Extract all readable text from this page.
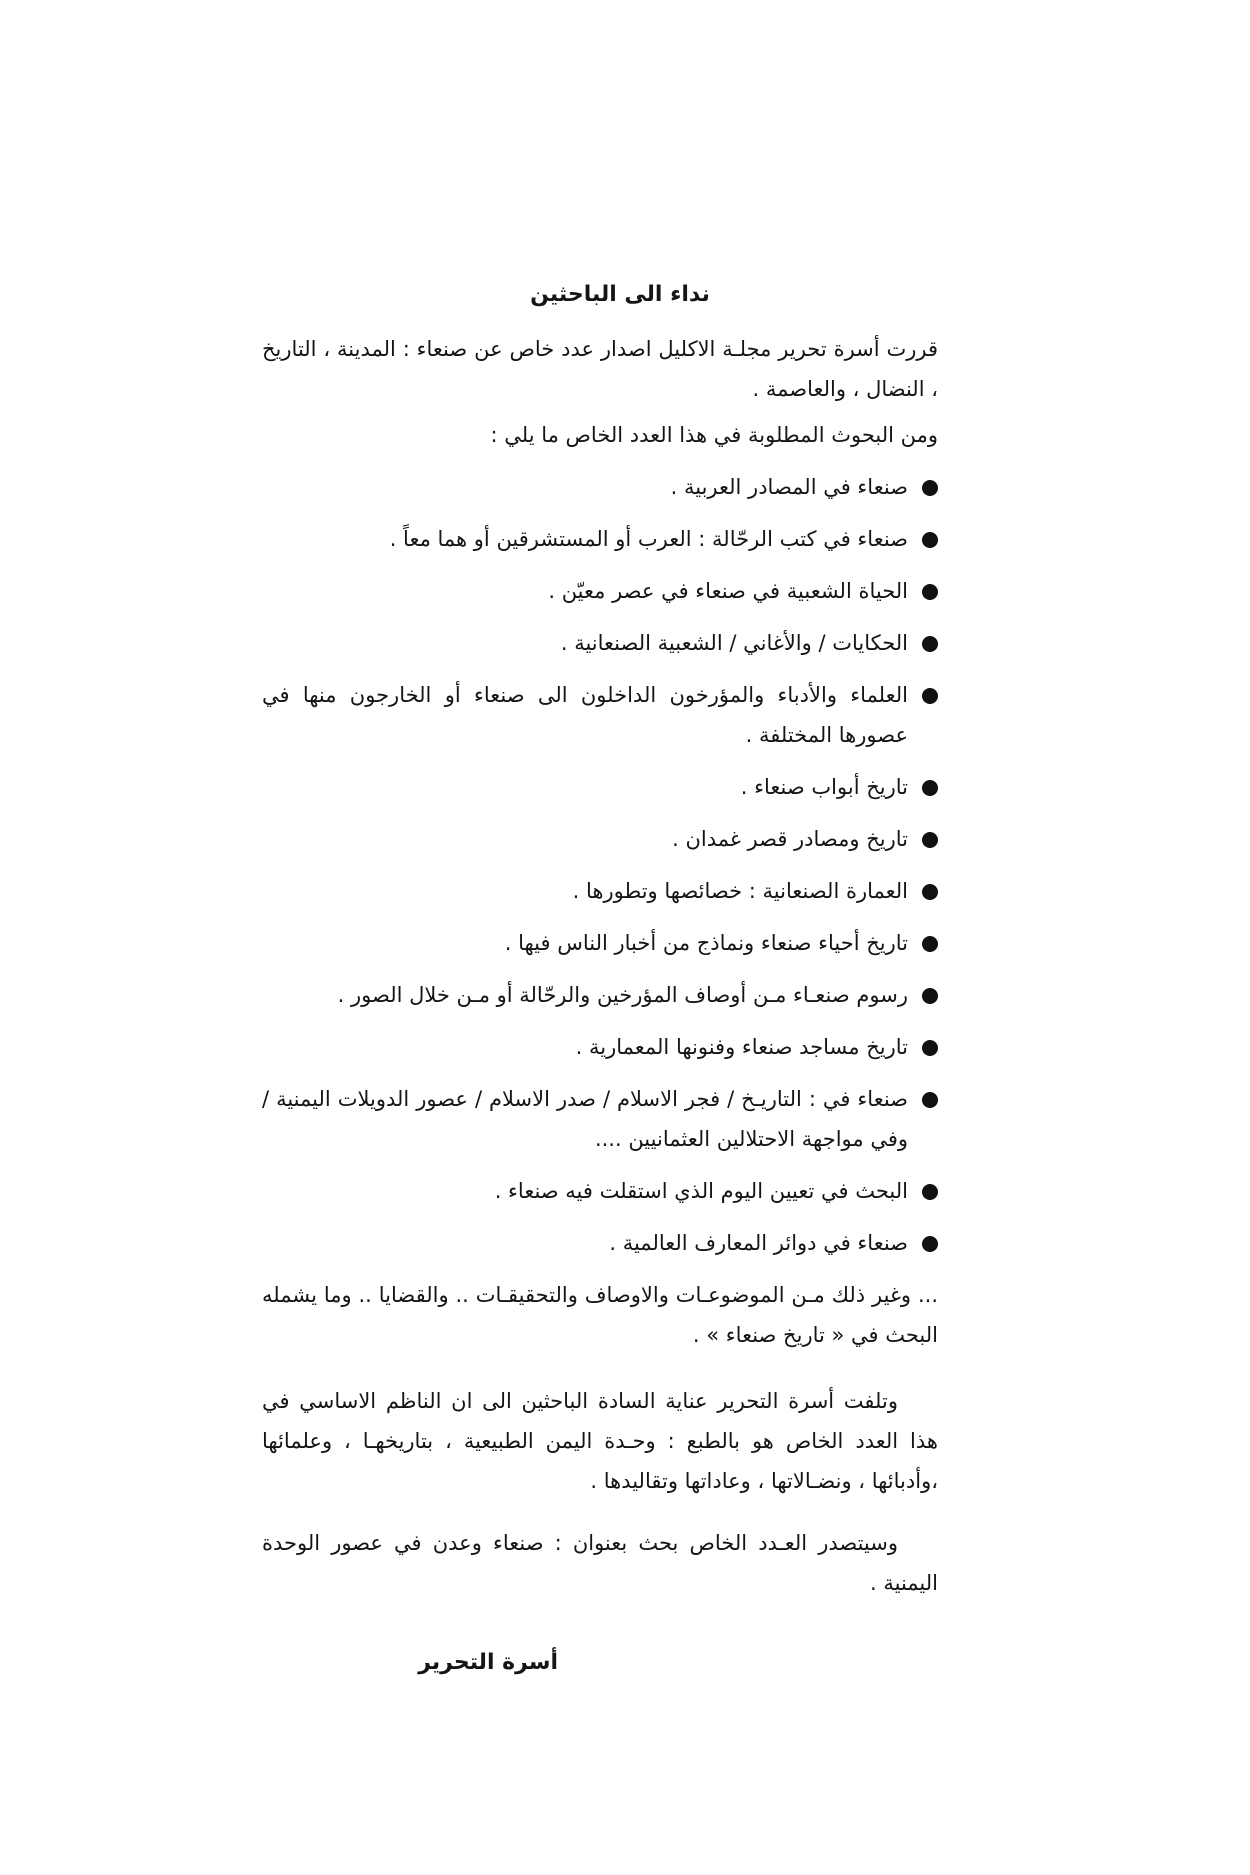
نداء الى الباحثين

قررت أسرة تحرير مجلـة الاكليل اصدار عدد خاص عن صنعاء : المدينة ، التاريخ ، النضال ، والعاصمة .

ومن البحوث المطلوبة في هذا العدد الخاص ما يلي :

صنعاء في المصادر العربية .
صنعاء في كتب الرحّالة : العرب أو المستشرقين أو هما معاً .
الحياة الشعبية في صنعاء في عصر معيّن .
الحكايات / والأغاني / الشعبية الصنعانية .
العلماء والأدباء والمؤرخون الداخلون الى صنعاء أو الخارجون منها في عصورها المختلفة .
تاريخ أبواب صنعاء .
تاريخ ومصادر قصر غمدان .
العمارة الصنعانية : خصائصها وتطورها .
تاريخ أحياء صنعاء ونماذج من أخبار الناس فيها .
رسوم صنعـاء مـن أوصاف المؤرخين والرحّالة أو مـن خلال الصور .
تاريخ مساجد صنعاء وفنونها المعمارية .
صنعاء في : التاريـخ / فجر الاسلام / صدر الاسلام / عصور الدويلات اليمنية / وفي مواجهة الاحتلالين العثمانيين ....
البحث في تعيين اليوم الذي استقلت فيه صنعاء .
صنعاء في دوائر المعارف العالمية .

... وغير ذلك مـن الموضوعـات والاوصاف والتحقيقـات .. والقضايا .. وما يشمله البحث في « تاريخ صنعاء » .

وتلفت أسرة التحرير عناية السادة الباحثين الى ان الناظم الاساسي في هذا العدد الخاص هو بالطبع : وحـدة اليمن الطبيعية ، بتاريخهـا ، وعلمائها ،وأدبائها ، ونضـالاتها ، وعاداتها وتقاليدها .

وسيتصدر العـدد الخاص بحث بعنوان : صنعاء وعدن في عصور الوحدة اليمنية .

أسرة التحرير
